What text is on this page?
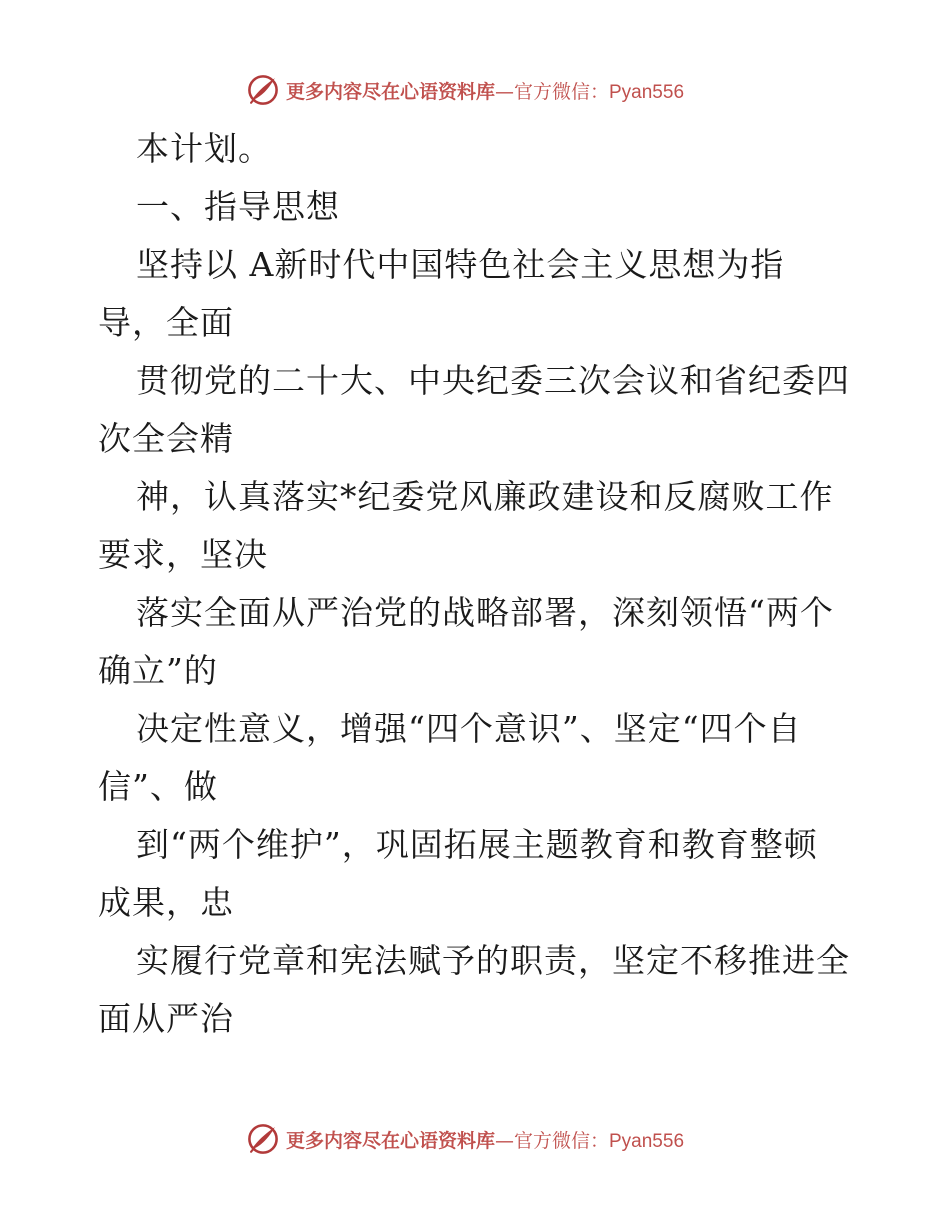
更多内容尽在心语资料库—官方微信：Pyan556
本计划。
一、指导思想
坚持以 A新时代中国特色社会主义思想为指
导，全面
贯彻党的二十大、中央纪委三次会议和省纪委四
次全会精
神，认真落实*纪委党风廉政建设和反腐败工作
要求，坚决
落实全面从严治党的战略部署，深刻领悟“两个
确立”的
决定性意义，增强“四个意识”、坚定“四个自
信”、做
到“两个维护”，巩固拓展主题教育和教育整顿
成果，忠
实履行党章和宪法赋予的职责，坚定不移推进全
面从严治
更多内容尽在心语资料库—官方微信：Pyan556
